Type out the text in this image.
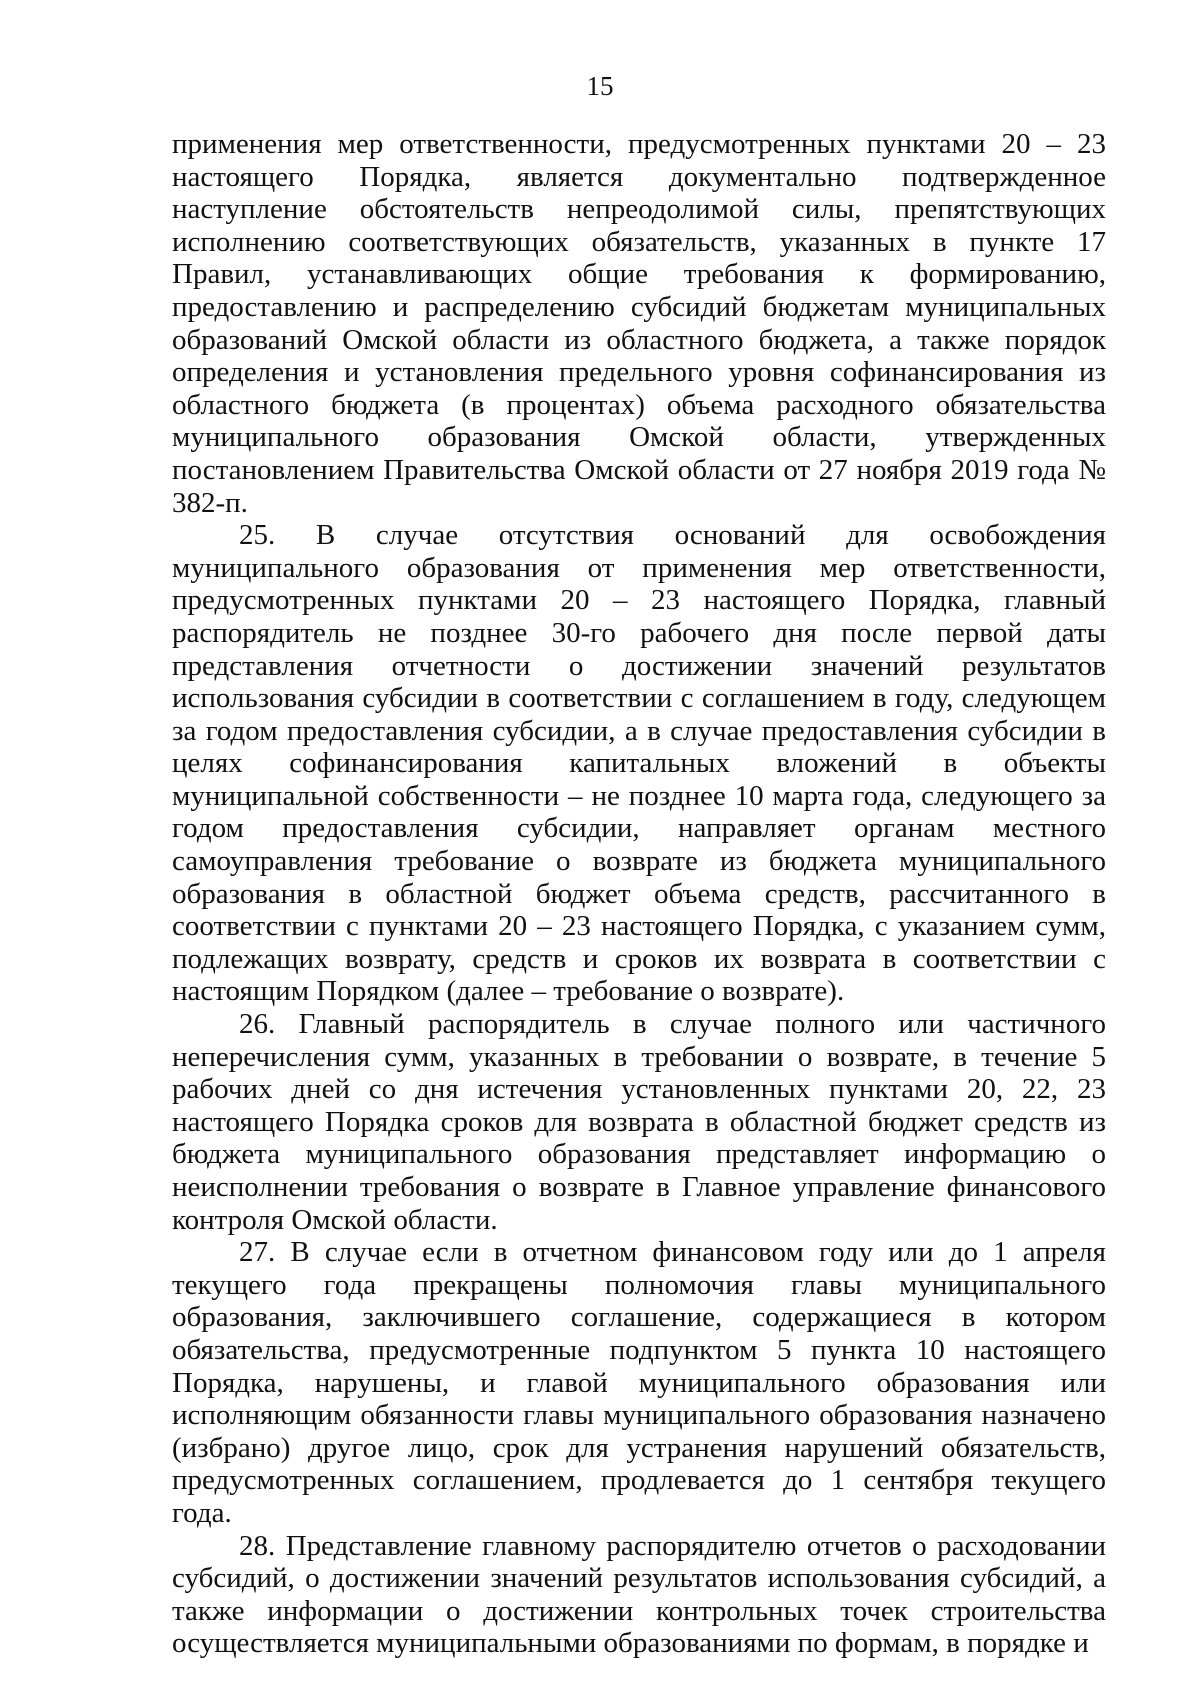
15

применения мер ответственности, предусмотренных пунктами 20 – 23 настоящего Порядка, является документально подтвержденное наступление обстоятельств непреодолимой силы, препятствующих исполнению соответствующих обязательств, указанных в пункте 17 Правил, устанавливающих общие требования к формированию, предоставлению и распределению субсидий бюджетам муниципальных образований Омской области из областного бюджета, а также порядок определения и установления предельного уровня софинансирования из областного бюджета (в процентах) объема расходного обязательства муниципального образования Омской области, утвержденных постановлением Правительства Омской области от 27 ноября 2019 года № 382-п.

25. В случае отсутствия оснований для освобождения муниципального образования от применения мер ответственности, предусмотренных пунктами 20 – 23 настоящего Порядка, главный распорядитель не позднее 30-го рабочего дня после первой даты представления отчетности о достижении значений результатов использования субсидии в соответствии с соглашением в году, следующем за годом предоставления субсидии, а в случае предоставления субсидии в целях софинансирования капитальных вложений в объекты муниципальной собственности – не позднее 10 марта года, следующего за годом предоставления субсидии, направляет органам местного самоуправления требование о возврате из бюджета муниципального образования в областной бюджет объема средств, рассчитанного в соответствии с пунктами 20 – 23 настоящего Порядка, с указанием сумм, подлежащих возврату, средств и сроков их возврата в соответствии с настоящим Порядком (далее – требование о возврате).

26. Главный распорядитель в случае полного или частичного неперечисления сумм, указанных в требовании о возврате, в течение 5 рабочих дней со дня истечения установленных пунктами 20, 22, 23 настоящего Порядка сроков для возврата в областной бюджет средств из бюджета муниципального образования представляет информацию о неисполнении требования о возврате в Главное управление финансового контроля Омской области.

27. В случае если в отчетном финансовом году или до 1 апреля текущего года прекращены полномочия главы муниципального образования, заключившего соглашение, содержащиеся в котором обязательства, предусмотренные подпунктом 5 пункта 10 настоящего Порядка, нарушены, и главой муниципального образования или исполняющим обязанности главы муниципального образования назначено (избрано) другое лицо, срок для устранения нарушений обязательств, предусмотренных соглашением, продлевается до 1 сентября текущего года.

28. Представление главному распорядителю отчетов о расходовании субсидий, о достижении значений результатов использования субсидий, а также информации о достижении контрольных точек строительства осуществляется муниципальными образованиями по формам, в порядке и
